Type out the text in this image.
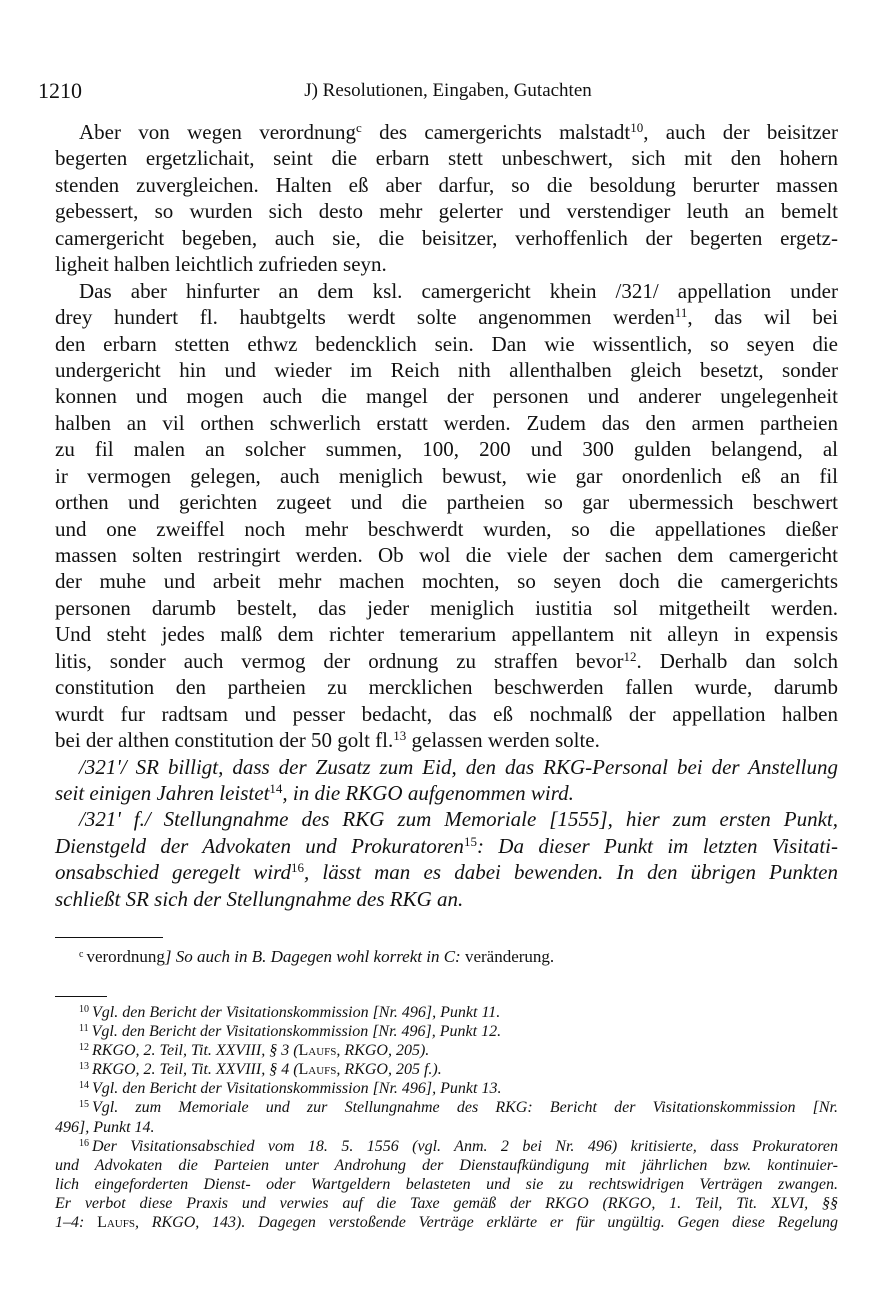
1210	J) Resolutionen, Eingaben, Gutachten
Aber von wegen verordnung$^c$ des camergerichts malstadt$^{10}$, auch der beisitzer
begerten ergetzlichait, seint die erbarn stett unbeschwert, sich mit den hohern
stenden zuvergleichen. Halten eß aber darfur, so die besoldung berurter massen
gebessert, so wurden sich desto mehr gelerter und verstendiger leuth an bemelt
camergericht begeben, auch sie, die beisitzer, verhoffenlich der begerten ergetz-
ligheit halben leichtlich zufrieden seyn.
Das aber hinfurter an dem ksl. camergericht khein /321/ appellation under
drey hundert fl. haubtgelts werdt solte angenommen werden$^{11}$, das wil bei
den erbarn stetten ethwz bedencklich sein. Dan wie wissentlich, so seyen die
undergericht hin und wieder im Reich nith allenthalben gleich besetzt, sonder
konnen und mogen auch die mangel der personen und anderer ungelegenheit
halben an vil orthen schwerlich erstatt werden. Zudem das den armen partheien
zu fil malen an solcher summen, 100, 200 und 300 gulden belangend, al
ir vermogen gelegen, auch meniglich bewust, wie gar onordenlich eß an fil
orthen und gerichten zugeet und die partheien so gar ubermessich beschwert
und one zweiffel noch mehr beschwerdt wurden, so die appellationes dießer
massen solten restringirt werden. Ob wol die viele der sachen dem camergericht
der muhe und arbeit mehr machen mochten, so seyen doch die camergerichts
personen darumb bestelt, das jeder meniglich iustitia sol mitgetheilt werden.
Und steht jedes malß dem richter temerarium appellantem nit alleyn in expensis
litis, sonder auch vermog der ordnung zu straffen bevor$^{12}$. Derhalb dan solch
constitution den partheien zu mercklichen beschwerden fallen wurde, darumb
wurdt fur radtsam und pesser bedacht, das eß nochmalß der appellation halben
bei der althen constitution der 50 golt fl.$^{13}$ gelassen werden solte.
/321'/ SR billigt, dass der Zusatz zum Eid, den das RKG-Personal bei der Anstellung
seit einigen Jahren leistet$^{14}$, in die RKGO aufgenommen wird.
/321' f./ Stellungnahme des RKG zum Memoriale [1555], hier zum ersten Punkt,
Dienstgeld der Advokaten und Prokuratoren$^{15}$: Da dieser Punkt im letzten Visitati-
onsabschied geregelt wird$^{16}$, lässt man es dabei bewenden. In den übrigen Punkten
schließt SR sich der Stellungnahme des RKG an.
$^c$ verordnung] So auch in B. Dagegen wohl korrekt in C: veränderung.
$^{10}$ Vgl. den Bericht der Visitationskommission [Nr. 496], Punkt 11.
$^{11}$ Vgl. den Bericht der Visitationskommission [Nr. 496], Punkt 12.
$^{12}$ RKGO, 2. Teil, Tit. XXVIII, § 3 (Laufs, RKGO, 205).
$^{13}$ RKGO, 2. Teil, Tit. XXVIII, § 4 (Laufs, RKGO, 205 f.).
$^{14}$ Vgl. den Bericht der Visitationskommission [Nr. 496], Punkt 13.
$^{15}$ Vgl. zum Memoriale und zur Stellungnahme des RKG: Bericht der Visitationskommission [Nr.
496], Punkt 14.
$^{16}$ Der Visitationsabschied vom 18. 5. 1556 (vgl. Anm. 2 bei Nr. 496) kritisierte, dass Prokuratoren
und Advokaten die Parteien unter Androhung der Dienstaufkündigung mit jährlichen bzw. kontinuier-
lich eingeforderten Dienst- oder Wartgeldern belasteten und sie zu rechtswidrigen Verträgen zwangen.
Er verbot diese Praxis und verwies auf die Taxe gemäß der RKGO (RKGO, 1. Teil, Tit. XLVI, §§
1–4: Laufs, RKGO, 143). Dagegen verstoßende Verträge erklärte er für ungültig. Gegen diese Regelung
